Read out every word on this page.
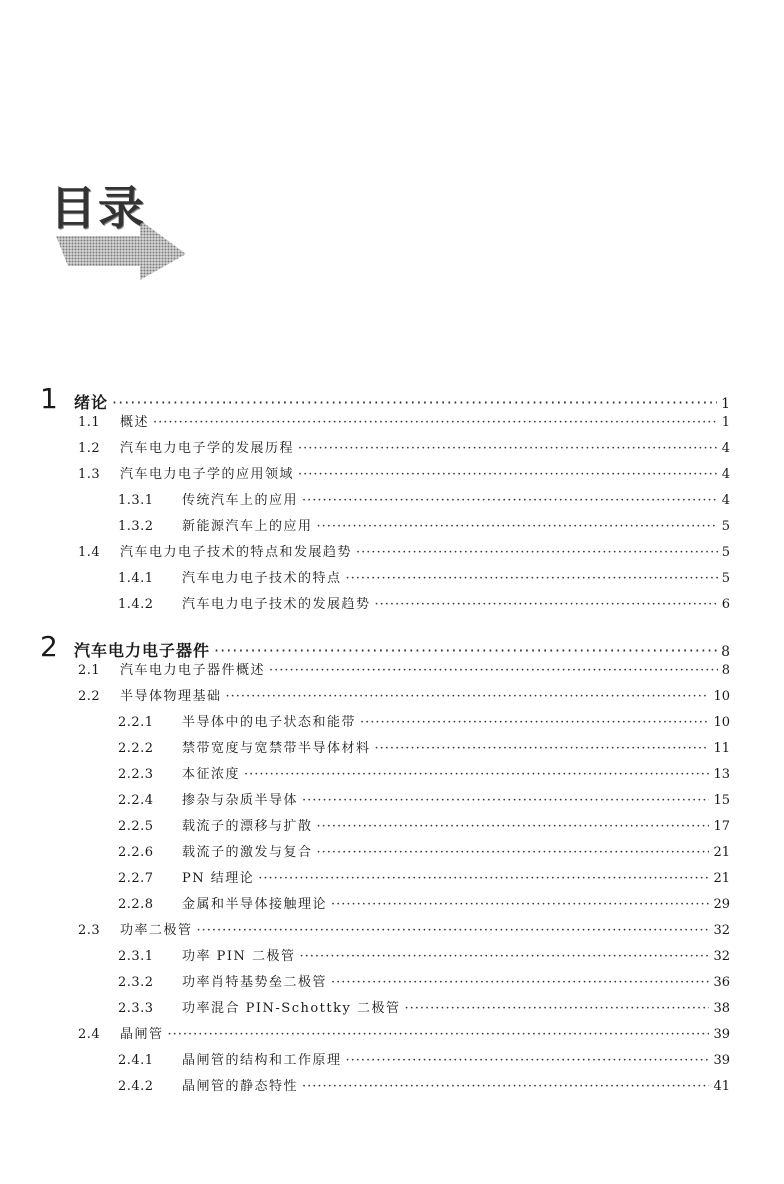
目录
1	绪论 ·····	1
1.1	概述 ·····	1
1.2	汽车电力电子学的发展历程 ·····	4
1.3	汽车电力电子学的应用领域 ·····	4
1.3.1	传统汽车上的应用 ·····	4
1.3.2	新能源汽车上的应用 ·····	5
1.4	汽车电力电子技术的特点和发展趋势 ·····	5
1.4.1	汽车电力电子技术的特点 ·····	5
1.4.2	汽车电力电子技术的发展趋势 ·····	6
2	汽车电力电子器件 ·····	8
2.1	汽车电力电子器件概述 ·····	8
2.2	半导体物理基础 ·····	10
2.2.1	半导体中的电子状态和能带 ·····	10
2.2.2	禁带宽度与宽禁带半导体材料 ·····	11
2.2.3	本征浓度 ·····	13
2.2.4	掺杂与杂质半导体 ·····	15
2.2.5	载流子的漂移与扩散 ·····	17
2.2.6	载流子的激发与复合 ·····	21
2.2.7	PN 结理论 ·····	21
2.2.8	金属和半导体接触理论 ·····	29
2.3	功率二极管 ·····	32
2.3.1	功率 PIN 二极管 ·····	32
2.3.2	功率肖特基势垒二极管 ·····	36
2.3.3	功率混合 PIN-Schottky 二极管 ·····	38
2.4	晶闸管 ·····	39
2.4.1	晶闸管的结构和工作原理 ·····	39
2.4.2	晶闸管的静态特性 ·····	41
